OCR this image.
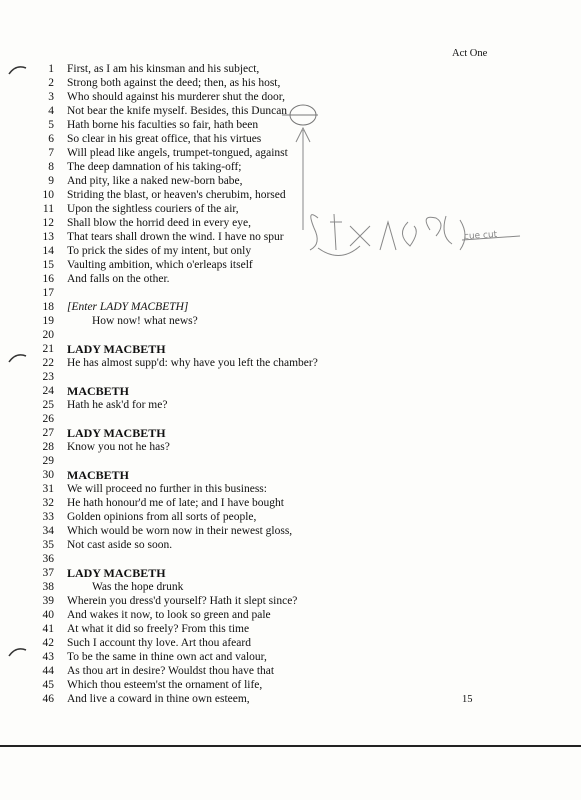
Act One
1 First, as I am his kinsman and his subject,
2 Strong both against the deed; then, as his host,
3 Who should against his murderer shut the door,
4 Not bear the knife myself. Besides, this Duncan
5 Hath borne his faculties so fair, hath been
6 So clear in his great office, that his virtues
7 Will plead like angels, trumpet-tongued, against
8 The deep damnation of his taking-off;
9 And pity, like a naked new-born babe,
10 Striding the blast, or heaven's cherubim, horsed
11 Upon the sightless couriers of the air,
12 Shall blow the horrid deed in every eye,
13 That tears shall drown the wind. I have no spur
14 To prick the sides of my intent, but only
15 Vaulting ambition, which o'erleaps itself
16 And falls on the other.
17
18 [Enter LADY MACBETH]
19	How now! what news?
20
21 LADY MACBETH
22 He has almost supp'd: why have you left the chamber?
23
24 MACBETH
25 Hath he ask'd for me?
26
27 LADY MACBETH
28 Know you not he has?
29
30 MACBETH
31 We will proceed no further in this business:
32 He hath honour'd me of late; and I have bought
33 Golden opinions from all sorts of people,
34 Which would be worn now in their newest gloss,
35 Not cast aside so soon.
36
37 LADY MACBETH
38	Was the hope drunk
39 Wherein you dress'd yourself? Hath it slept since?
40 And wakes it now, to look so green and pale
41 At what it did so freely? From this time
42 Such I account thy love. Art thou afeard
43 To be the same in thine own act and valour,
44 As thou art in desire? Wouldst thou have that
45 Which thou esteem'st the ornament of life,
46 And live a coward in thine own esteem,
cue cut
15
